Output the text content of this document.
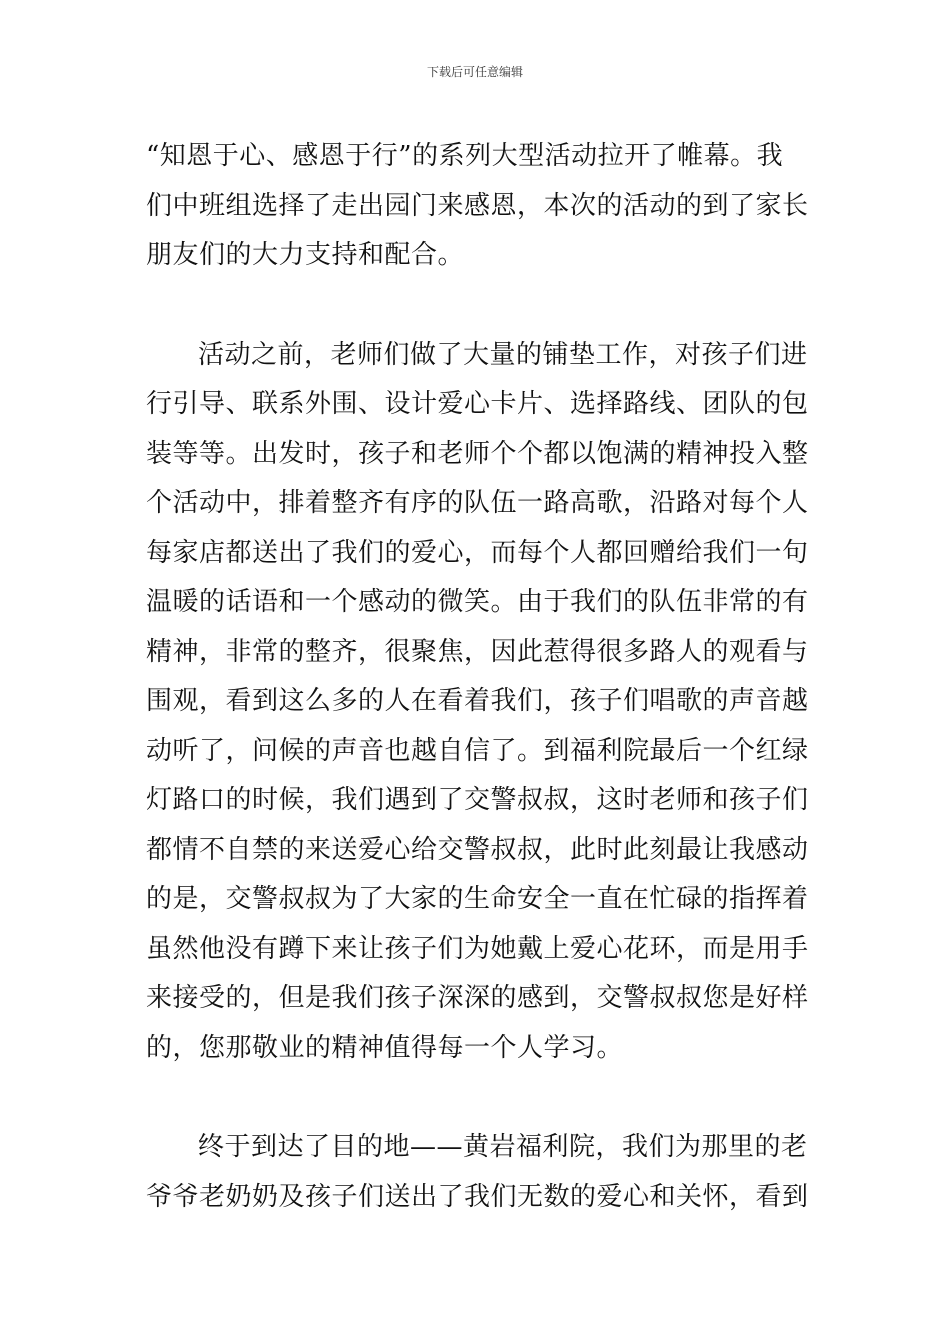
下载后可任意编辑
“知恩于心、感恩于行”的系列大型活动拉开了帷幕。我
们中班组选择了走出园门来感恩，本次的活动的到了家长
朋友们的大力支持和配合。
活动之前，老师们做了大量的铺垫工作，对孩子们进
行引导、联系外围、设计爱心卡片、选择路线、团队的包
装等等。出发时，孩子和老师个个都以饱满的精神投入整
个活动中，排着整齐有序的队伍一路高歌，沿路对每个人
每家店都送出了我们的爱心，而每个人都回赠给我们一句
温暖的话语和一个感动的微笑。由于我们的队伍非常的有
精神，非常的整齐，很聚焦，因此惹得很多路人的观看与
围观，看到这么多的人在看着我们，孩子们唱歌的声音越
动听了，问候的声音也越自信了。到福利院最后一个红绿
灯路口的时候，我们遇到了交警叔叔，这时老师和孩子们
都情不自禁的来送爱心给交警叔叔，此时此刻最让我感动
的是，交警叔叔为了大家的生命安全一直在忙碌的指挥着
虽然他没有蹲下来让孩子们为她戴上爱心花环，而是用手
来接受的，但是我们孩子深深的感到，交警叔叔您是好样
的，您那敬业的精神值得每一个人学习。
终于到达了目的地——黄岩福利院，我们为那里的老
爷爷老奶奶及孩子们送出了我们无数的爱心和关怀，看到
